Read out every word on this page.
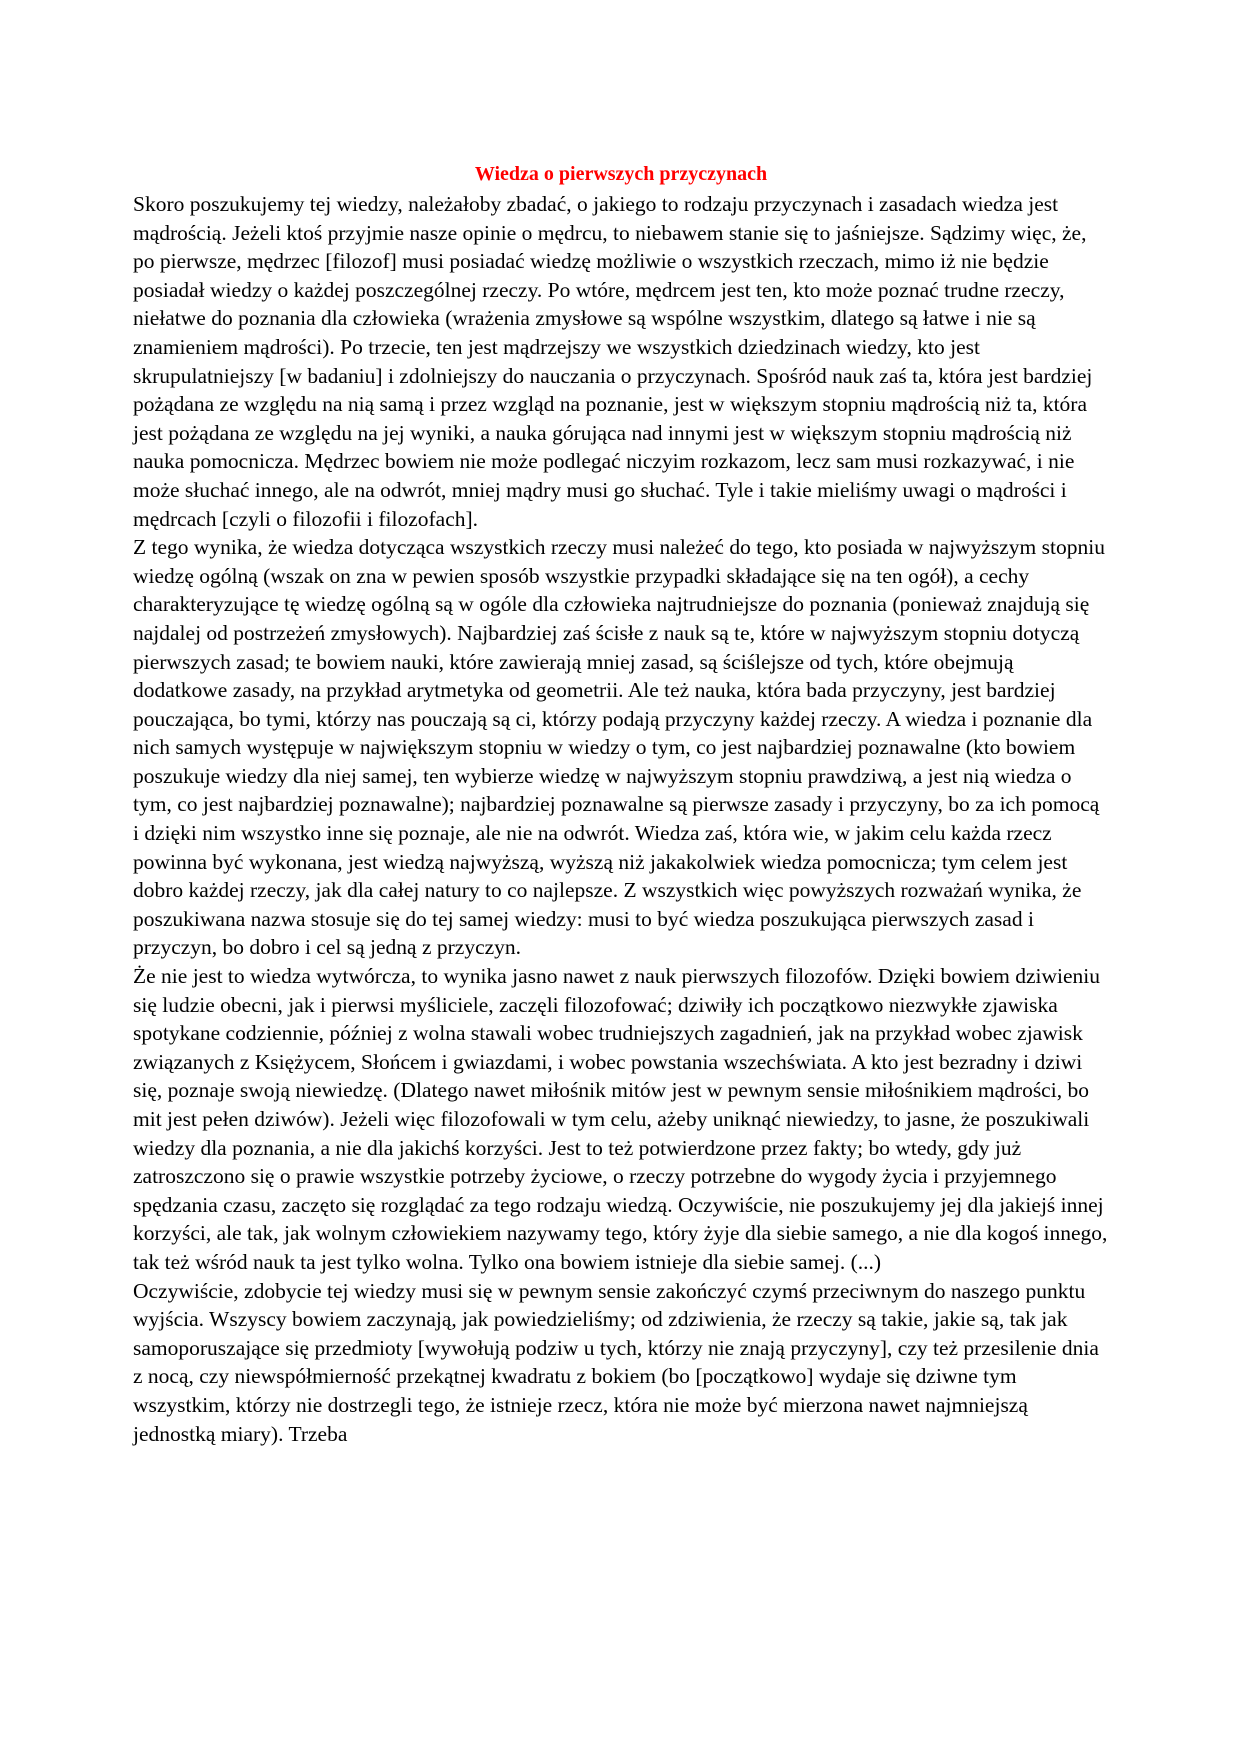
Wiedza o pierwszych przyczynach

Skoro poszukujemy tej wiedzy, należałoby zbadać, o jakiego to rodzaju przyczynach i zasadach wiedza jest mądrością. Jeżeli ktoś przyjmie nasze opinie o mędrcu, to niebawem stanie się to jaśniejsze. Sądzimy więc, że, po pierwsze, mędrzec [filozof] musi posiadać wiedzę możliwie o wszystkich rzeczach, mimo iż nie będzie posiadał wiedzy o każdej poszczególnej rzeczy. Po wtóre, mędrcem jest ten, kto może poznać trudne rzeczy, niełatwe do poznania dla człowieka (wrażenia zmysłowe są wspólne wszystkim, dlatego są łatwe i nie są znamieniem mądrości). Po trzecie, ten jest mądrzejszy we wszystkich dziedzinach wiedzy, kto jest skrupulatniejszy [w badaniu] i zdolniejszy do nauczania o przyczynach. Spośród nauk zaś ta, która jest bardziej pożądana ze względu na nią samą i przez wzgląd na poznanie, jest w większym stopniu mądrością niż ta, która jest pożądana ze względu na jej wyniki, a nauka górująca nad innymi jest w większym stopniu mądrością niż nauka pomocnicza. Mędrzec bowiem nie może podlegać niczyim rozkazom, lecz sam musi rozkazywać, i nie może słuchać innego, ale na odwrót, mniej mądry musi go słuchać. Tyle i takie mieliśmy uwagi o mądrości i mędrcach [czyli o filozofii i filozofach].

Z tego wynika, że wiedza dotycząca wszystkich rzeczy musi należeć do tego, kto posiada w najwyższym stopniu wiedzę ogólną (wszak on zna w pewien sposób wszystkie przypadki składające się na ten ogół), a cechy charakteryzujące tę wiedzę ogólną są w ogóle dla człowieka najtrudniejsze do poznania (ponieważ znajdują się najdalej od postrzeżeń zmysłowych). Najbardziej zaś ścisłe z nauk są te, które w najwyższym stopniu dotyczą pierwszych zasad; te bowiem nauki, które zawierają mniej zasad, są ściślejsze od tych, które obejmują dodatkowe zasady, na przykład arytmetyka od geometrii. Ale też nauka, która bada przyczyny, jest bardziej pouczająca, bo tymi, którzy nas pouczają są ci, którzy podają przyczyny każdej rzeczy. A wiedza i poznanie dla nich samych występuje w największym stopniu w wiedzy o tym, co jest najbardziej poznawalne (kto bowiem poszukuje wiedzy dla niej samej, ten wybierze wiedzę w najwyższym stopniu prawdziwą, a jest nią wiedza o tym, co jest najbardziej poznawalne); najbardziej poznawalne są pierwsze zasady i przyczyny, bo za ich pomocą i dzięki nim wszystko inne się poznaje, ale nie na odwrót. Wiedza zaś, która wie, w jakim celu każda rzecz powinna być wykonana, jest wiedzą najwyższą, wyższą niż jakakolwiek wiedza pomocnicza; tym celem jest dobro każdej rzeczy, jak dla całej natury to co najlepsze. Z wszystkich więc powyższych rozważań wynika, że poszukiwana nazwa stosuje się do tej samej wiedzy: musi to być wiedza poszukująca pierwszych zasad i przyczyn, bo dobro i cel są jedną z przyczyn.

Że nie jest to wiedza wytwórcza, to wynika jasno nawet z nauk pierwszych filozofów. Dzięki bowiem dziwieniu się ludzie obecni, jak i pierwsi myśliciele, zaczęli filozofować; dziwiły ich początkowo niezwykłe zjawiska spotykane codziennie, później z wolna stawali wobec trudniejszych zagadnień, jak na przykład wobec zjawisk związanych z Księżycem, Słońcem i gwiazdami, i wobec powstania wszechświata. A kto jest bezradny i dziwi się, poznaje swoją niewiedzę. (Dlatego nawet miłośnik mitów jest w pewnym sensie miłośnikiem mądrości, bo mit jest pełen dziwów). Jeżeli więc filozofowali w tym celu, ażeby uniknąć niewiedzy, to jasne, że poszukiwali wiedzy dla poznania, a nie dla jakichś korzyści. Jest to też potwierdzone przez fakty; bo wtedy, gdy już zatroszczono się o prawie wszystkie potrzeby życiowe, o rzeczy potrzebne do wygody życia i przyjemnego spędzania czasu, zaczęto się rozglądać za tego rodzaju wiedzą. Oczywiście, nie poszukujemy jej dla jakiejś innej korzyści, ale tak, jak wolnym człowiekiem nazywamy tego, który żyje dla siebie samego, a nie dla kogoś innego, tak też wśród nauk ta jest tylko wolna. Tylko ona bowiem istnieje dla siebie samej. (...)

Oczywiście, zdobycie tej wiedzy musi się w pewnym sensie zakończyć czymś przeciwnym do naszego punktu wyjścia. Wszyscy bowiem zaczynają, jak powiedzieliśmy; od zdziwienia, że rzeczy są takie, jakie są, tak jak samoporuszające się przedmioty [wywołują podziw u tych, którzy nie znają przyczyny], czy też przesilenie dnia z nocą, czy niewspółmierność przekątnej kwadratu z bokiem (bo [początkowo] wydaje się dziwne tym wszystkim, którzy nie dostrzegli tego, że istnieje rzecz, która nie może być mierzona nawet najmniejszą jednostką miary). Trzeba
